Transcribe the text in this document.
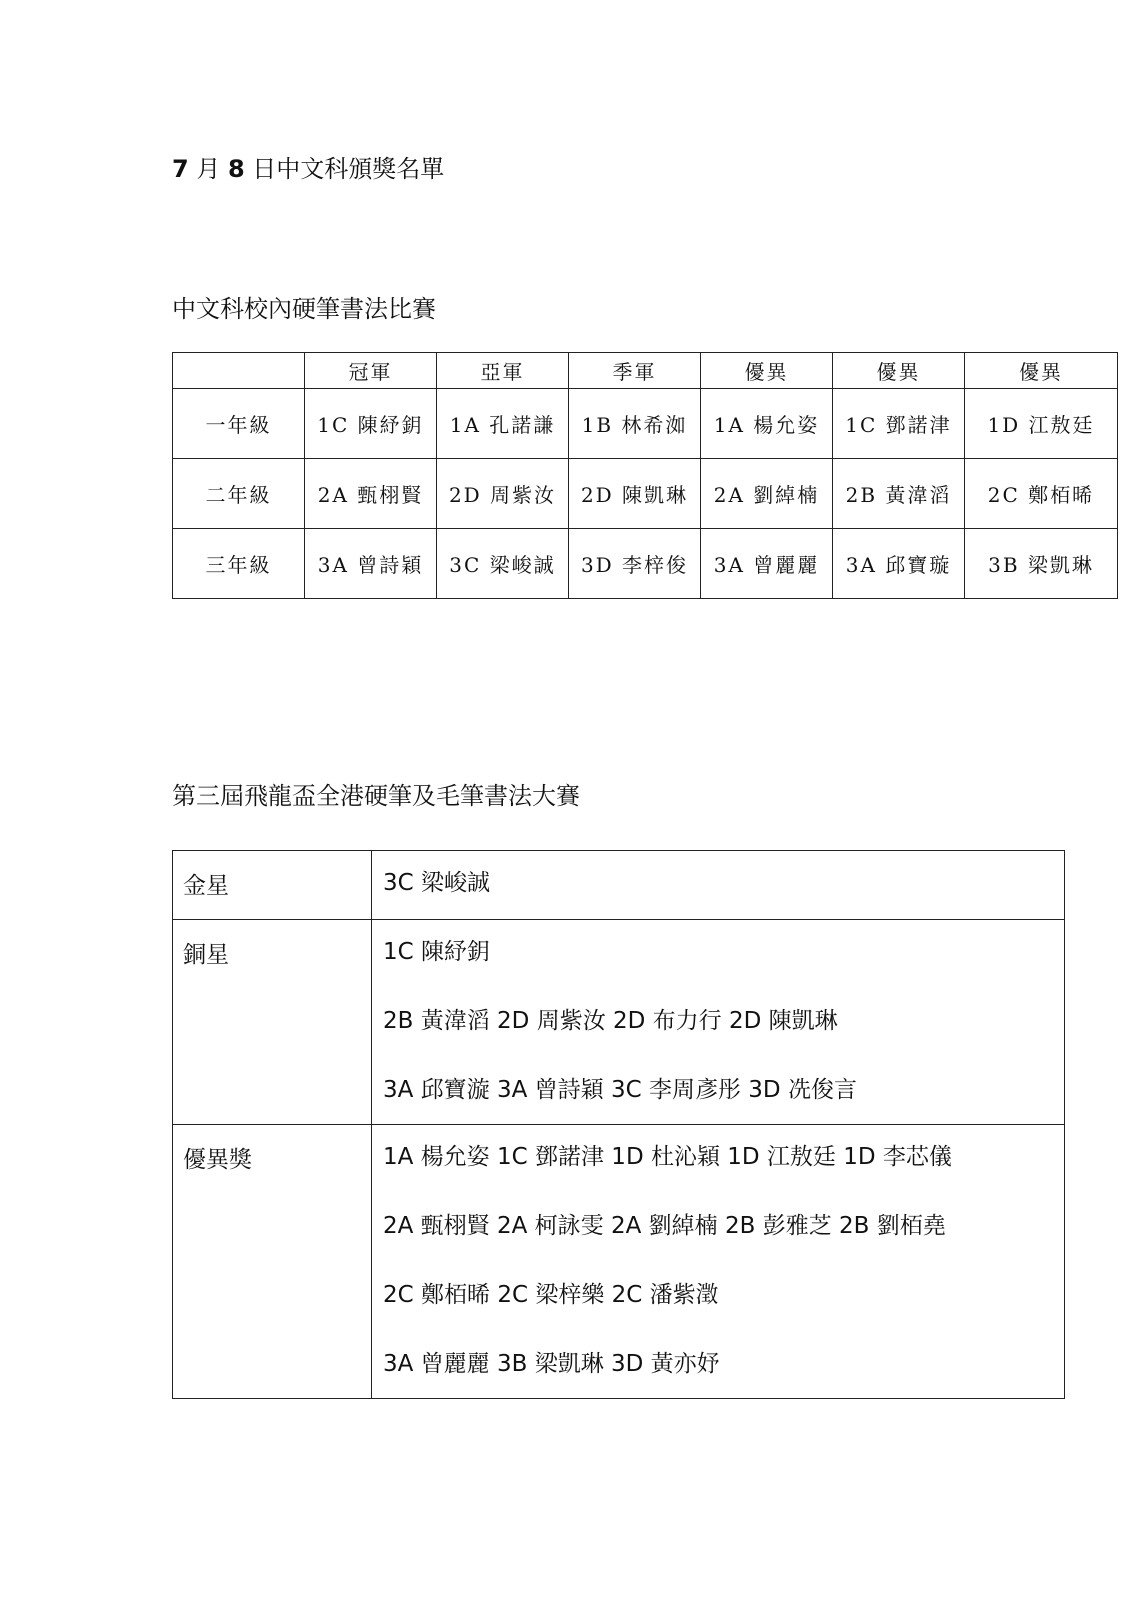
7 月 8 日中文科頒獎名單
中文科校內硬筆書法比賽
	冠軍	亞軍	季軍	優異	優異	優異
一年級	1C 陳紓鈅	1A 孔諾謙	1B 林希洳	1A 楊允姿	1C 鄧諾津	1D 江敖廷
二年級	2A 甄栩賢	2D 周紫汝	2D 陳凱琳	2A 劉綽楠	2B 黃湋滔	2C 鄭栢晞
三年級	3A 曾詩穎	3C 梁峻誠	3D 李梓俊	3A 曾麗麗	3A 邱寶璇	3B 梁凱琳
第三屆飛龍盃全港硬筆及毛筆書法大賽
金星	3C 梁峻誠

銅星	1C 陳紓鈅
2B 黃湋滔 2D 周紫汝 2D 布力行 2D 陳凱琳
3A 邱寶漩 3A 曾詩穎 3C 李周彥彤 3D 冼俊言

優異獎	1A 楊允姿 1C 鄧諾津 1D 杜沁穎 1D 江敖廷 1D 李芯儀
2A 甄栩賢 2A 柯詠雯 2A 劉綽楠 2B 彭雅芝 2B 劉栢堯
2C 鄭栢晞 2C 梁梓樂 2C 潘紫澂
3A 曾麗麗 3B 梁凱琳 3D 黃亦妤
